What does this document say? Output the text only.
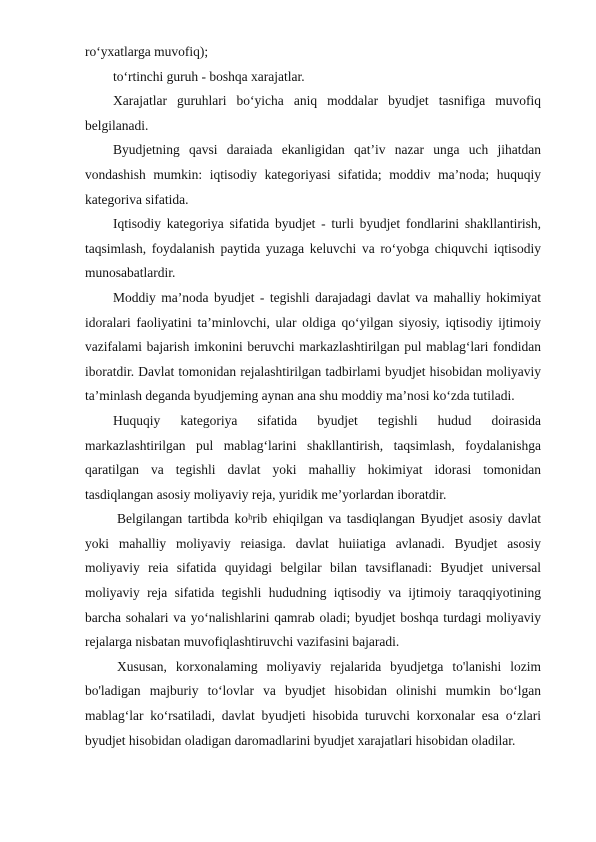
ro‘yxatlarga muvofiq);

to‘rtinchi guruh - boshqa xarajatlar.

Xarajatlar guruhlari bo‘yicha aniq moddalar byudjet tasnifiga muvofiq belgilanadi.

Byudjetning qavsi daraiada ekanligidan qat’iv nazar unga uch jihatdan vondashish mumkin: iqtisodiy kategoriyasi sifatida; moddiv ma’noda; huquqiy kategoriva sifatida.

Iqtisodiy kategoriya sifatida byudjet - turli byudjet fondlarini shakllantirish, taqsimlash, foydalanish paytida yuzaga keluvchi va ro‘yobga chiquvchi iqtisodiy munosabatlardir.

Moddiy ma’noda byudjet - tegishli darajadagi davlat va mahalliy hokimiyat idoralari faoliyatini ta’minlovchi, ular oldiga qo‘yilgan siyosiy, iqtisodiy ijtimoiy vazifalami bajarish imkonini beruvchi markazlashtirilgan pul mablag‘lari fondidan iboratdir. Davlat tomonidan rejalashtirilgan tadbirlami byudjet hisobidan moliyaviy ta’minlash deganda byudjeming aynan ana shu moddiy ma’nosi ko‘zda tutiladi.

Huquqiy kategoriya sifatida byudjet tegishli hudud doirasida markazlashtirilgan pul mablag‘larini shakllantirish, taqsimlash, foydalanishga qaratilgan va tegishli davlat yoki mahalliy hokimiyat idorasi tomonidan tasdiqlangan asosiy moliyaviy reja, yuridik me’yorlardan iboratdir.

Belgilangan tartibda koʰrib ehiqilgan va tasdiqlangan Byudjet asosiy davlat yoki mahalliy moliyaviy reiasiga. davlat huiiatiga avlanadi. Byudjet asosiy moliyaviy reia sifatida quyidagi belgilar bilan tavsiflanadi: Byudjet universal moliyaviy reja sifatida tegishli hududning iqtisodiy va ijtimoiy taraqqiyotining barcha sohalari va yo‘nalishlarini qamrab oladi; byudjet boshqa turdagi moliyaviy rejalarga nisbatan muvofiqlashtiruvchi vazifasini bajaradi.

Xususan, korxonalaming moliyaviy rejalarida byudjetga to'lanishi lozim bo'ladigan majburiy to‘lovlar va byudjet hisobidan olinishi mumkin bo‘lgan mablag‘lar ko‘rsatiladi, davlat byudjeti hisobida turuvchi korxonalar esa o‘zlari byudjet hisobidan oladigan daromadlarini byudjet xarajatlari hisobidan oladilar.
